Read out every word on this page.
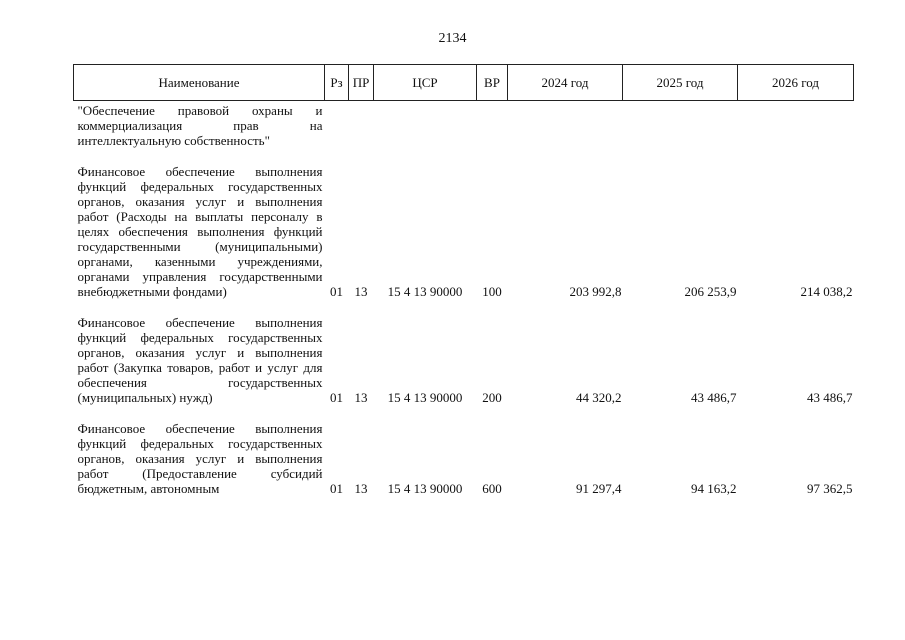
2134
Наименование	Рз	ПР	ЦСР	ВР	2024 год	2025 год	2026 год
"Обеспечение правовой охраны и коммерциализация прав на интеллектуальную собственность"							

Финансовое обеспечение выполнения функций федеральных государственных органов, оказания услуг и выполнения работ (Расходы на выплаты персоналу в целях обеспечения выполнения функций государственными (муниципальными) органами, казенными учреждениями, органами управления государственными внебюджетными фондами)	01	13	15 4 13 90000	100	203 992,8	206 253,9	214 038,2

Финансовое обеспечение выполнения функций федеральных государственных органов, оказания услуг и выполнения работ (Закупка товаров, работ и услуг для обеспечения государственных (муниципальных) нужд)	01	13	15 4 13 90000	200	44 320,2	43 486,7	43 486,7

Финансовое обеспечение выполнения функций федеральных государственных органов, оказания услуг и выполнения работ (Предоставление субсидий бюджетным, автономным	01	13	15 4 13 90000	600	91 297,4	94 163,2	97 362,5
